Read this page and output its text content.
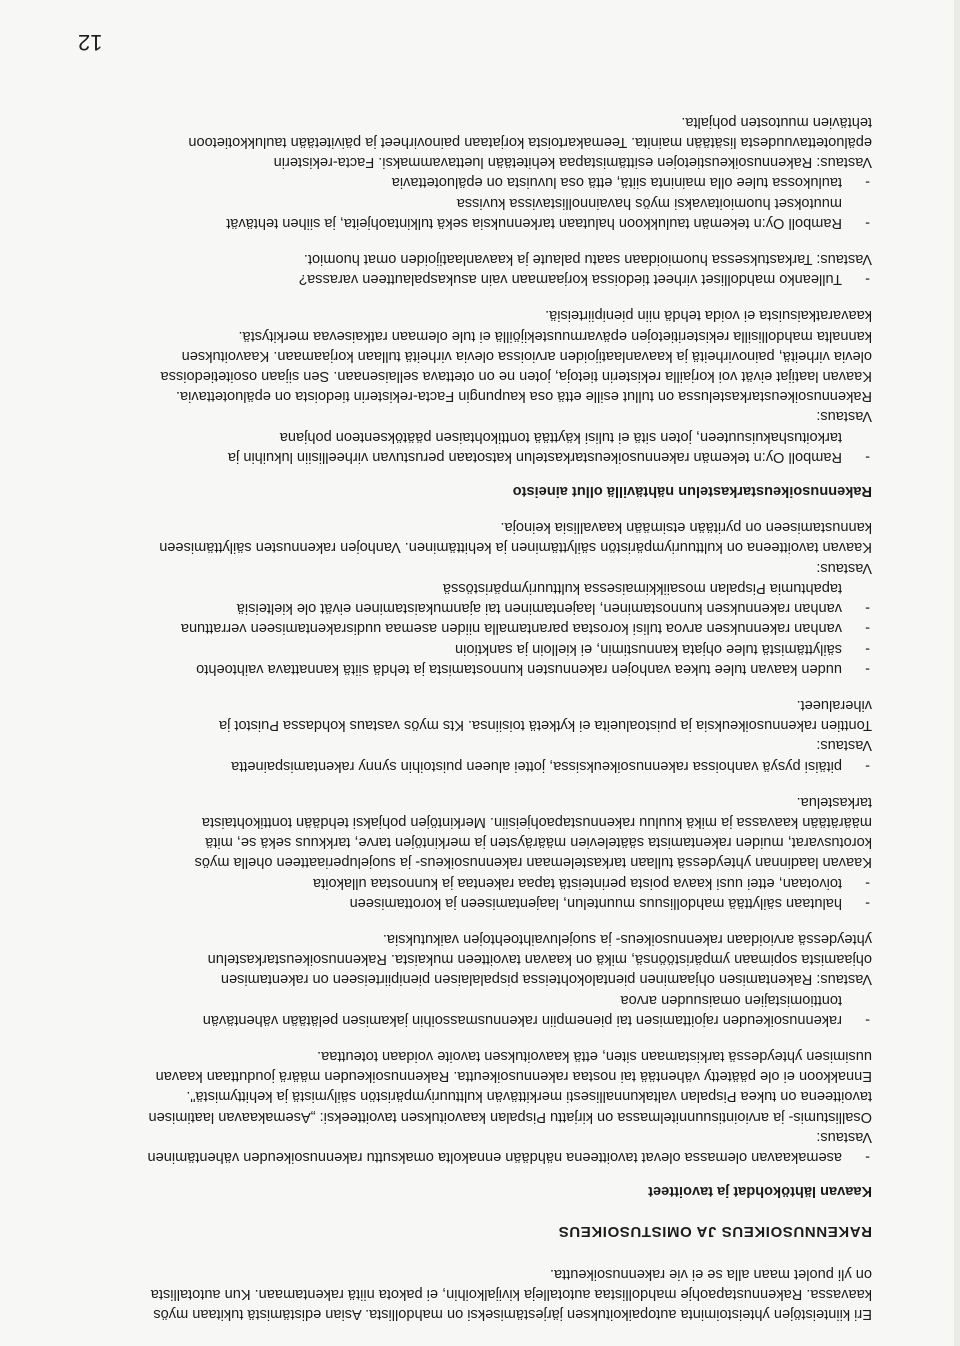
Eri kiinteistöjen yhteistoiminta autopaikoituksen järjestämiseksi on mahdollista. Asian edistämistä tukitaan myös

kaavassa. Rakennustapaohje mahdollistaa autotalleja kivijalkoihin, ei pakota niitä rakentamaan. Kun autotallista

on yli puolet maan alla se ei vie rakennusoikeutta.

RAKENNUSOIKEUS JA OMISTUSOIKEUS
Kaavan lähtökohdat ja tavoitteet
-
asemakaavan olemassa olevat tavoitteena nähdään ennakolta omaksuttu rakennusoikeuden vähentäminen
Vastaus:

Osallistumis- ja arviointisuunnitelmassa on kirjattu Pispalan kaavoituksen tavoitteeksi: „Asemakaavan laatimisen

tavoitteena on tukea Pispalan valtakunnallisesti merkittävän kulttuuriympäristön säilymistä ja kehittymistä".

Ennakkoon ei ole päätetty vähentää tai nostaa rakennusoikeutta. Rakennusoikeuden määrä jouduttaan kaavan

uusimisen yhteydessä tarkistamaan siten, että kaavoituksen tavoite voidaan toteuttaa.

-
rakennusoikeuden rajoittamisen tai pienempiin rakennusmassoihin jakamisen pelätään vähentävän
tonttiomistajien omaisuuden arvoa

Vastaus: Rakentamisen ohjaaminen pientalokohteissa pispalalaisen pienipiirteiseen on rakentamisen

ohjaamista sopimaan ympäristöönsä, mikä on kaavan tavoitteen mukaista. Rakennusoikeustarkastelun

yhteydessä arvioidaan rakennusoikeus- ja suojeluvaihtoehtojen vaikutuksia.

-
halutaan säilyttää mahdollisuus muuntelun, laajentamiseen ja korottamiseen
-
toivotaan, ettei uusi kaava poista perinteistä tapaa rakentaa ja kunnostaa ullakoita

Kaavan laadinnan yhteydessä tullaan tarkastelemaan rakennusoikeus- ja suojeluperiaatteen ohella myös

korotusvarat, muiden rakentamista säätelevien määräysten ja merkintöjen tarve, tarkkuus sekä se, mitä

määrätään kaavassa ja mikä kuuluu rakennustapaohjeisiin. Merkintöjen pohjaksi tehdään tonttikohtaista

tarkastelua.

-
pitäisi pysyä vanhoissa rakennusoikeuksissa, jottei alueen puistoihin synny rakentamispainetta
Vastaus:

Tonttien rakennusoikeuksia ja puistoalueita ei kytketä toisiinsa. Kts myös vastaus kohdassa Puistot ja

viheralueet.

-
uuden kaavan tulee tukea vanhojen rakennusten kunnostamista ja tehdä siitä kannattava vaihtoehto
-
säilyttämistä tulee ohjata kannustimin, ei kielloin ja sanktioin
-
vanhan rakennuksen arvoa tulisi korostaa parantamalla niiden asemaa uudisrakentamiseen verrattuna
-
vanhan rakennuksen kunnostaminen, laajentaminen tai ajanmukaistaminen eivät ole kielteisiä
tapahtumia Pispalan mosaiikkimaisessa kulttuuriympäristössä
Vastaus:

Kaavan tavoitteena on kulttuuriympäristön säilyttäminen ja kehittäminen. Vanhojen rakennusten säilyttämiseen

kannustamiseen on pyritään etsimään kaavallisia keinoja.

Rakennusoikeustarkastelun nähtävillä ollut aineisto
-
Ramboll Oy:n tekemän rakennusoikeustarkastelun katsotaan perustuvan virheellisiin lukuihin ja
tarkoitushakuisuuteen, joten sitä ei tulisi käyttää tonttikohtaisen päätöksenteon pohjana
Vastaus:

Rakennusoikeustarkastelussa on tullut esille että osa kaupungin Facta-rekisterin tiedoista on epäluotettavia.

Kaavan laatijat eivät voi korjailla rekisterin tietoja, joten ne on otettava sellaisenaan. Sen sijaan osoitetiedoissa

olevia virheitä, painovirheitä ja kaavanlaatijoiden arvioissa olevia virheitä tullaan korjaamaan. Kaavoituksen

kannalta mahdollisilla rekisteritietojen epävarmuustekijöillä ei tule olemaan ratkaisevaa merkitystä.

kaavaratkaisuista ei voida tehdä niin pienipiirteisiä.

-
Tulleanko mahdolliset virheet tiedoissa korjaamaan vain asukaspalautteen varassa?

Vastaus: Tarkastuksessa huomioidaan saatu palaute ja kaavanlaatijoiden omat huomiot.

-
Ramboll Oy:n tekemän taulukkoon halutaan tarkennuksia sekä tulkintaohjeita, ja siihen tehtävät
muutokset huomioitavaksi myös havainnollistavissa kuvissa
-
taulukossa tulee olla maininta siitä, että osa luvuista on epäluotettavia

Vastaus: Rakennusoikeustietojen esittämistapaa kehitetään luettavammaksi. Facta-rekisterin

epäluotettavuudesta lisätään mainita. Teemakartoista korjataan painovirheet ja päivitetään taulukkotietoon

tehtävien muutosten pohjalta.

12
